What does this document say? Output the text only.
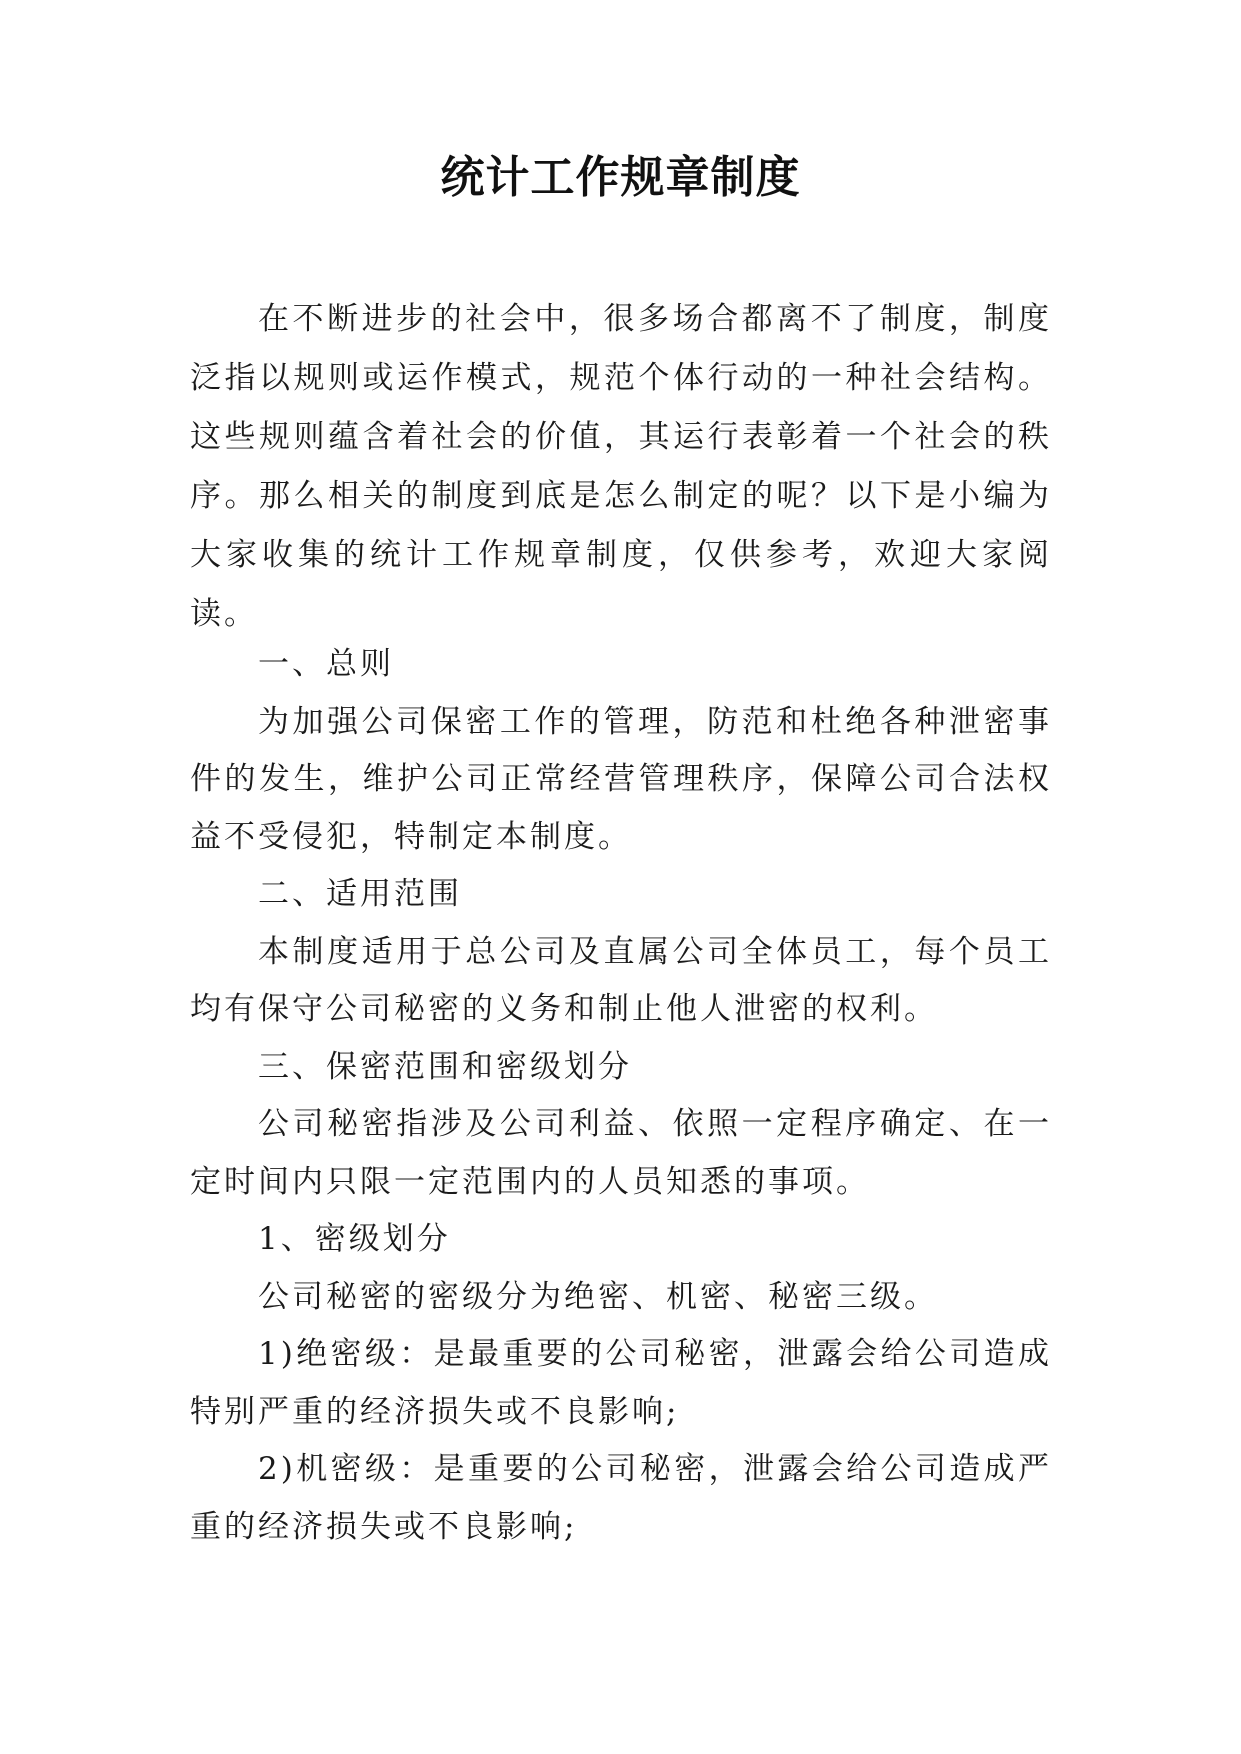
统计工作规章制度

在不断进步的社会中，很多场合都离不了制度，制度泛指以规则或运作模式，规范个体行动的一种社会结构。这些规则蕴含着社会的价值，其运行表彰着一个社会的秩序。那么相关的制度到底是怎么制定的呢？以下是小编为大家收集的统计工作规章制度，仅供参考，欢迎大家阅读。

一、总则

为加强公司保密工作的管理，防范和杜绝各种泄密事件的发生，维护公司正常经营管理秩序，保障公司合法权益不受侵犯，特制定本制度。

二、适用范围

本制度适用于总公司及直属公司全体员工，每个员工均有保守公司秘密的义务和制止他人泄密的权利。

三、保密范围和密级划分

公司秘密指涉及公司利益、依照一定程序确定、在一定时间内只限一定范围内的人员知悉的事项。

1、密级划分

公司秘密的密级分为绝密、机密、秘密三级。

1)绝密级：是最重要的公司秘密，泄露会给公司造成特别严重的经济损失或不良影响;

2)机密级：是重要的公司秘密，泄露会给公司造成严重的经济损失或不良影响;
